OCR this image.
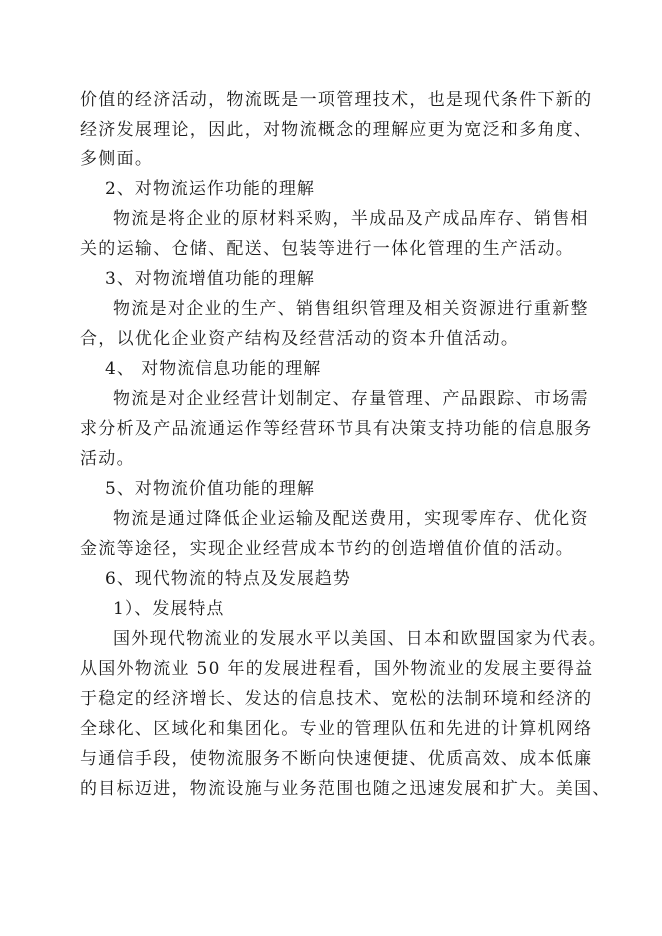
价值的经济活动，物流既是一项管理技术，也是现代条件下新的
经济发展理论，因此，对物流概念的理解应更为宽泛和多角度、
多侧面。
2、对物流运作功能的理解
物流是将企业的原材料采购，半成品及产成品库存、销售相
关的运输、仓储、配送、包装等进行一体化管理的生产活动。
3、对物流增值功能的理解
物流是对企业的生产、销售组织管理及相关资源进行重新整
合，以优化企业资产结构及经营活动的资本升值活动。
4、 对物流信息功能的理解
物流是对企业经营计划制定、存量管理、产品跟踪、市场需
求分析及产品流通运作等经营环节具有决策支持功能的信息服务
活动。
5、对物流价值功能的理解
物流是通过降低企业运输及配送费用，实现零库存、优化资
金流等途径，实现企业经营成本节约的创造增值价值的活动。
6、现代物流的特点及发展趋势
1）、发展特点
国外现代物流业的发展水平以美国、日本和欧盟国家为代表。
从国外物流业 50 年的发展进程看，国外物流业的发展主要得益
于稳定的经济增长、发达的信息技术、宽松的法制环境和经济的
全球化、区域化和集团化。专业的管理队伍和先进的计算机网络
与通信手段，使物流服务不断向快速便捷、优质高效、成本低廉
的目标迈进，物流设施与业务范围也随之迅速发展和扩大。美国、
